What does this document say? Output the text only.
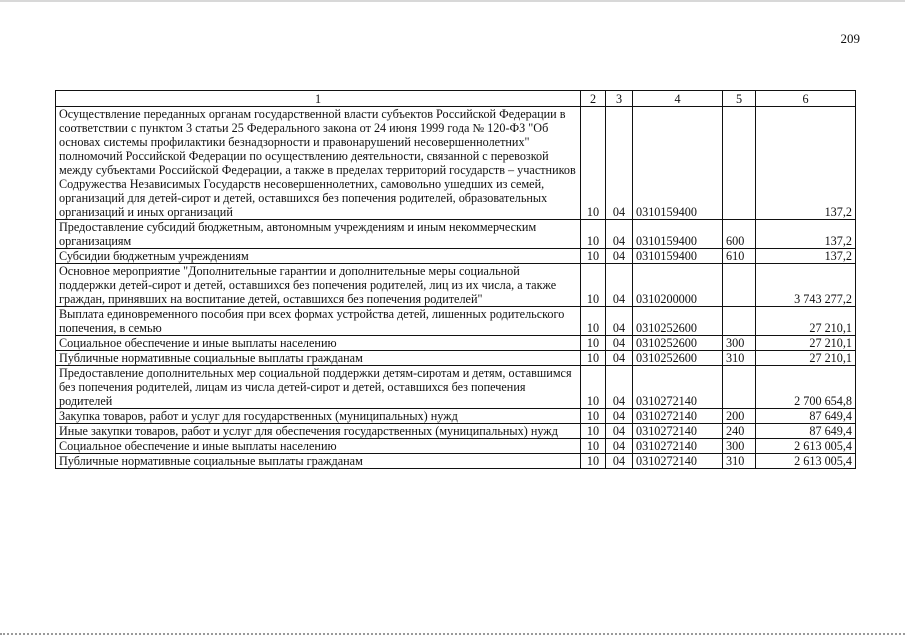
209
1	2	3	4	5	6
Осуществление переданных органам государственной власти субъектов Российской Федерации в соответствии с пунктом 3 статьи 25 Федерального закона от 24 июня 1999 года № 120-ФЗ "Об основах системы профилактики безнадзорности и правонарушений несовершеннолетних" полномочий Российской Федерации по осуществлению деятельности, связанной с перевозкой между субъектами Российской Федерации, а также в пределах территорий государств – участников Содружества Независимых Государств несовершеннолетних, самовольно ушедших из семей, организаций для детей-сирот и детей, оставшихся без попечения родителей, образовательных организаций и иных организаций	10	04	0310159400		137,2
Предоставление субсидий бюджетным, автономным учреждениям и иным некоммерческим организациям	10	04	0310159400	600	137,2
Субсидии бюджетным учреждениям	10	04	0310159400	610	137,2
Основное мероприятие "Дополнительные гарантии и дополнительные меры социальной поддержки детей-сирот и детей, оставшихся без попечения родителей, лиц из их числа, а также граждан, принявших на воспитание детей, оставшихся без попечения родителей"	10	04	0310200000		3 743 277,2
Выплата единовременного пособия при всех формах устройства детей, лишенных родительского попечения, в семью	10	04	0310252600		27 210,1
Социальное обеспечение и иные выплаты населению	10	04	0310252600	300	27 210,1
Публичные нормативные социальные выплаты гражданам	10	04	0310252600	310	27 210,1
Предоставление дополнительных мер социальной поддержки детям-сиротам и детям, оставшимся без попечения родителей, лицам из числа детей-сирот и детей, оставшихся без попечения родителей	10	04	0310272140		2 700 654,8
Закупка товаров, работ и услуг для государственных (муниципальных) нужд	10	04	0310272140	200	87 649,4
Иные закупки товаров, работ и услуг для обеспечения государственных (муниципальных) нужд	10	04	0310272140	240	87 649,4
Социальное обеспечение и иные выплаты населению	10	04	0310272140	300	2 613 005,4
Публичные нормативные социальные выплаты гражданам	10	04	0310272140	310	2 613 005,4
